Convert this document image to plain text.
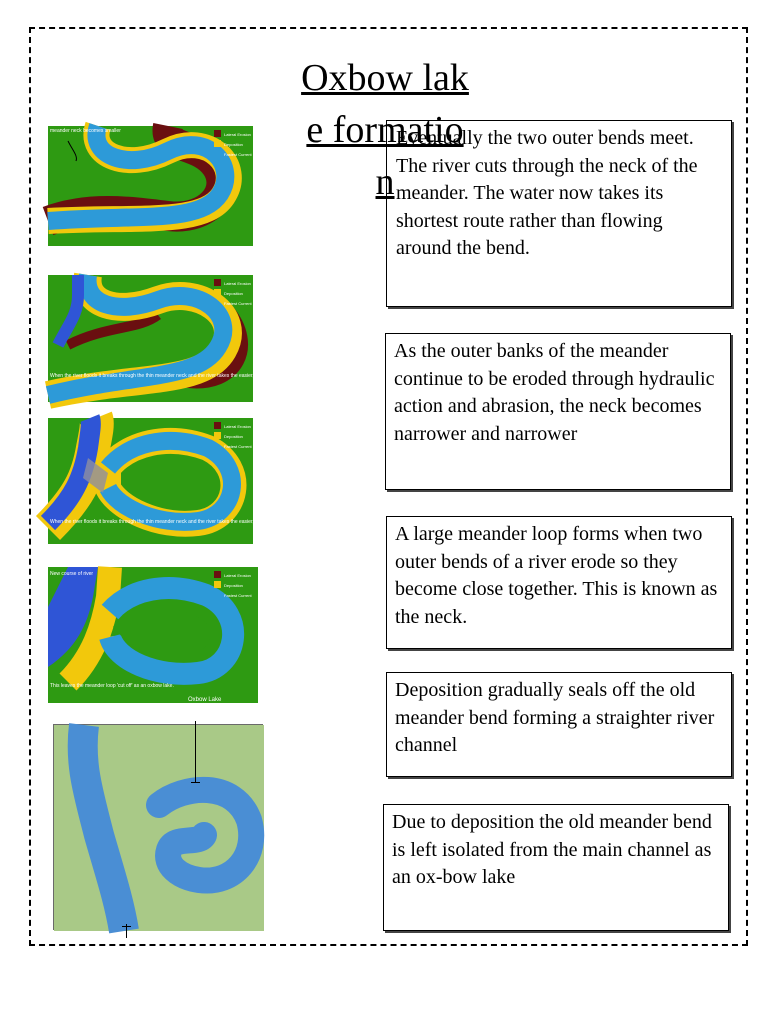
Oxbow lake formation

Eventually the two outer bends meet. The river cuts through the neck of the meander. The water now takes its shortest route rather than flowing around the bend.

As the outer banks of the meander continue to be eroded through hydraulic action and abrasion, the neck becomes narrower and narrower

A large meander loop forms when two outer bends of a river erode so they become close together. This is known as the neck.

Deposition gradually seals off the old meander bend forming a straighter river channel

Due to deposition the old meander bend is left isolated from the main channel as an ox-bow lake

meander neck becomes smaller
Lateral Erosion
Deposition
Fastest Current
When the river floods it breaks through the thin meander neck and the river takes the easier, straight course.
Lateral Erosion
Deposition
Fastest Current
When the river floods it breaks through the thin meander neck and the river takes the easier, straight course.
Lateral Erosion
Deposition
Fastest Current
New course of river
This leaves the meander loop 'cut off' as an oxbow lake.
Oxbow Lake
Lateral Erosion
Deposition
Fastest Current
